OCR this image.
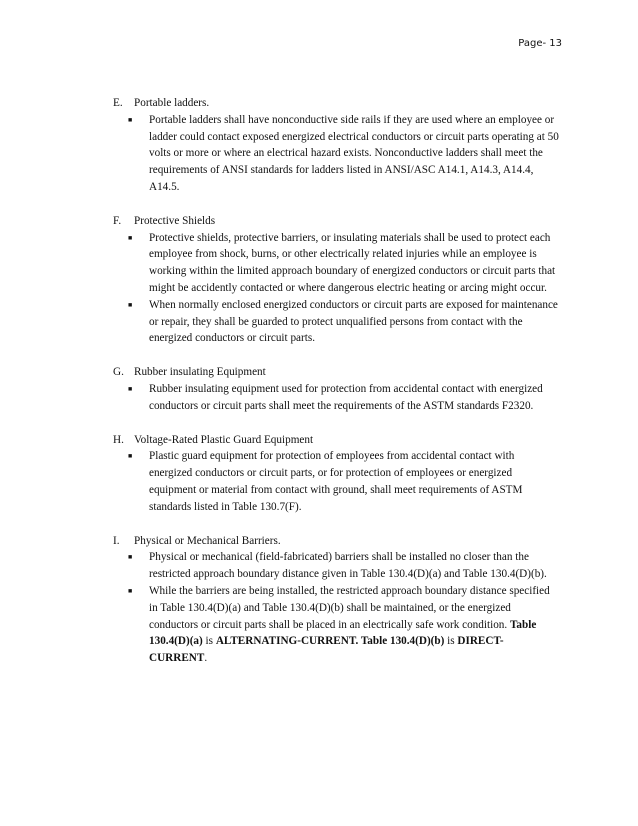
Page- 13
E.	Portable ladders.
■	Portable ladders shall have nonconductive side rails if they are used where an employee or ladder could contact exposed energized electrical conductors or circuit parts operating at 50 volts or more or where an electrical hazard exists. Nonconductive ladders shall meet the requirements of ANSI standards for ladders listed in ANSI/ASC A14.1, A14.3, A14.4, A14.5.
F.	Protective Shields
■	Protective shields, protective barriers, or insulating materials shall be used to protect each employee from shock, burns, or other electrically related injuries while an employee is working within the limited approach boundary of energized conductors or circuit parts that might be accidently contacted or where dangerous electric heating or arcing might occur.
■	When normally enclosed energized conductors or circuit parts are exposed for maintenance or repair, they shall be guarded to protect unqualified persons from contact with the energized conductors or circuit parts.
G. Rubber insulating Equipment
■	Rubber insulating equipment used for protection from accidental contact with energized conductors or circuit parts shall meet the requirements of the ASTM standards F2320.
H. Voltage-Rated Plastic Guard Equipment
■	Plastic guard equipment for protection of employees from accidental contact with energized conductors or circuit parts, or for protection of employees or energized equipment or material from contact with ground, shall meet requirements of ASTM standards listed in Table 130.7(F).
I.	Physical or Mechanical Barriers.
■	Physical or mechanical (field-fabricated) barriers shall be installed no closer than the restricted approach boundary distance given in Table 130.4(D)(a) and Table 130.4(D)(b).
■	While the barriers are being installed, the restricted approach boundary distance specified in Table 130.4(D)(a) and Table 130.4(D)(b) shall be maintained, or the energized conductors or circuit parts shall be placed in an electrically safe work condition. Table 130.4(D)(a) is ALTERNATING-CURRENT. Table 130.4(D)(b) is DIRECT-CURRENT.
